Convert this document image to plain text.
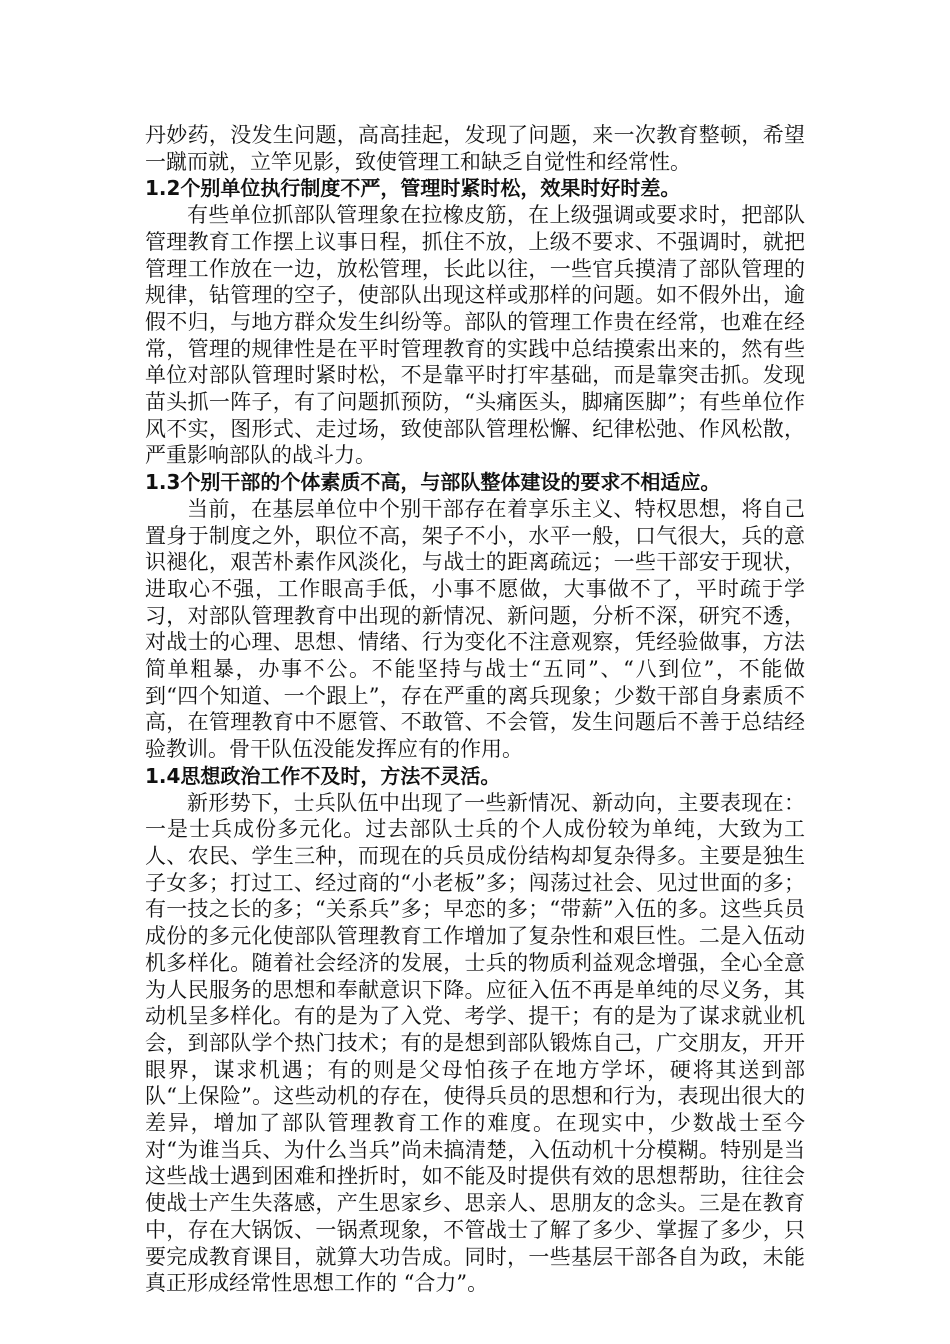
丹妙药，没发生问题，高高挂起，发现了问题，来一次教育整顿，希望一蹴而就，立竿见影，致使管理工和缺乏自觉性和经常性。

1.2个别单位执行制度不严，管理时紧时松，效果时好时差。

有些单位抓部队管理象在拉橡皮筋，在上级强调或要求时，把部队管理教育工作摆上议事日程，抓住不放，上级不要求、不强调时，就把管理工作放在一边，放松管理，长此以往，一些官兵摸清了部队管理的规律，钻管理的空子，使部队出现这样或那样的问题。如不假外出，逾假不归，与地方群众发生纠纷等。部队的管理工作贵在经常，也难在经常，管理的规律性是在平时管理教育的实践中总结摸索出来的，然有些单位对部队管理时紧时松，不是靠平时打牢基础，而是靠突击抓。发现苗头抓一阵子，有了问题抓预防，“头痛医头，脚痛医脚”；有些单位作风不实，图形式、走过场，致使部队管理松懈、纪律松弛、作风松散，严重影响部队的战斗力。

1.3个别干部的个体素质不高，与部队整体建设的要求不相适应。

当前，在基层单位中个别干部存在着享乐主义、特权思想，将自己置身于制度之外，职位不高，架子不小，水平一般，口气很大，兵的意识褪化，艰苦朴素作风淡化，与战士的距离疏远；一些干部安于现状，进取心不强，工作眼高手低，小事不愿做，大事做不了，平时疏于学习，对部队管理教育中出现的新情况、新问题，分析不深，研究不透，对战士的心理、思想、情绪、行为变化不注意观察，凭经验做事，方法简单粗暴，办事不公。不能坚持与战士“五同”、“八到位”，不能做到“四个知道、一个跟上”，存在严重的离兵现象；少数干部自身素质不高，在管理教育中不愿管、不敢管、不会管，发生问题后不善于总结经验教训。骨干队伍没能发挥应有的作用。

1.4思想政治工作不及时，方法不灵活。

新形势下，士兵队伍中出现了一些新情况、新动向，主要表现在：一是士兵成份多元化。过去部队士兵的个人成份较为单纯，大致为工人、农民、学生三种，而现在的兵员成份结构却复杂得多。主要是独生子女多；打过工、经过商的“小老板”多；闯荡过社会、见过世面的多；有一技之长的多；“关系兵”多；早恋的多；“带薪”入伍的多。这些兵员成份的多元化使部队管理教育工作增加了复杂性和艰巨性。二是入伍动机多样化。随着社会经济的发展，士兵的物质利益观念增强，全心全意为人民服务的思想和奉献意识下降。应征入伍不再是单纯的尽义务，其动机呈多样化。有的是为了入党、考学、提干；有的是为了谋求就业机会，到部队学个热门技术；有的是想到部队锻炼自己，广交朋友，开开眼界，谋求机遇；有的则是父母怕孩子在地方学坏，硬将其送到部队“上保险”。这些动机的存在，使得兵员的思想和行为，表现出很大的差异，增加了部队管理教育工作的难度。在现实中，少数战士至今对“为谁当兵、为什么当兵”尚未搞清楚，入伍动机十分模糊。特别是当这些战士遇到困难和挫折时，如不能及时提供有效的思想帮助，往往会使战士产生失落感，产生思家乡、思亲人、思朋友的念头。三是在教育中，存在大锅饭、一锅煮现象，不管战士了解了多少、掌握了多少，只要完成教育课目，就算大功告成。同时，一些基层干部各自为政，未能真正形成经常性思想工作的 “合力”。
